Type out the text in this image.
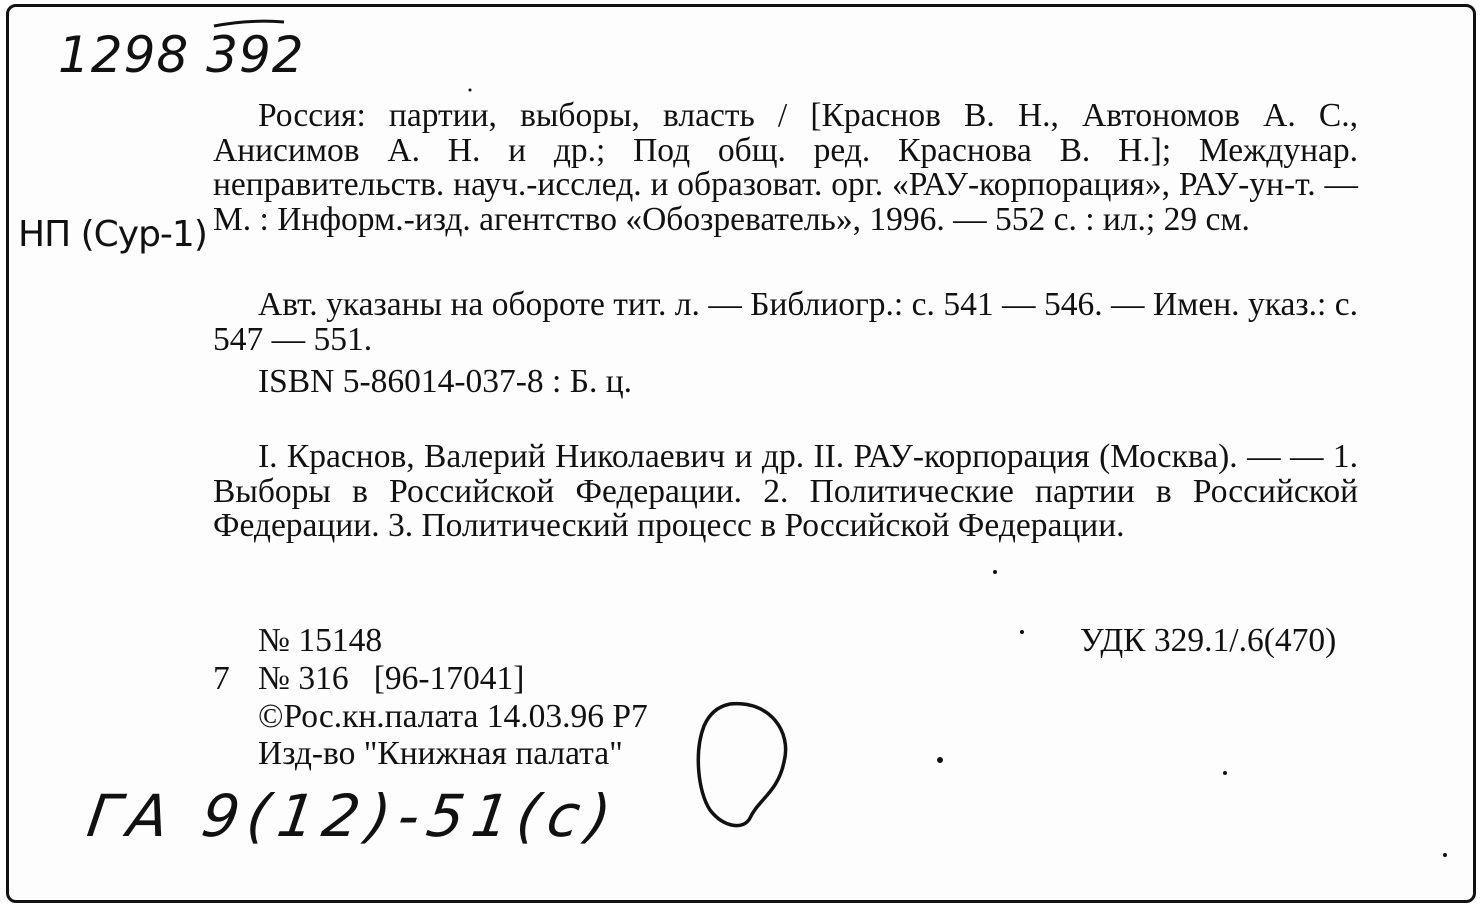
1298 392
НП (Сур-1)

Россия: партии, выборы, власть / [Краснов В. Н., Автономов А. С., Анисимов А. Н. и др.; Под общ. ред. Краснова В. Н.]; Междунар. неправительств. науч.-исслед. и образоват. орг. «РАУ-корпорация», РАУ-ун-т. — М. : Информ.-изд. агентство «Обозреватель», 1996. — 552 с. : ил.; 29 см.

Авт. указаны на обороте тит. л. — Библиогр.: с. 541 — 546. — Имен. указ.: с. 547 — 551.

ISBN 5-86014-037-8 : Б. ц.

I. Краснов, Валерий Николаевич и др. II. РАУ-корпорация (Москва). — — 1. Выборы в Российской Федерации. 2. Политические партии в Российской Федерации. 3. Политический процесс в Российской Федерации.

№ 15148	УДК 329.1/.6(470)
7 № 316   [96-17041]
©Рос.кн.палата 14.03.96 Р7
Изд-во "Книжная палата"
ГА 9(12)-51(с)
